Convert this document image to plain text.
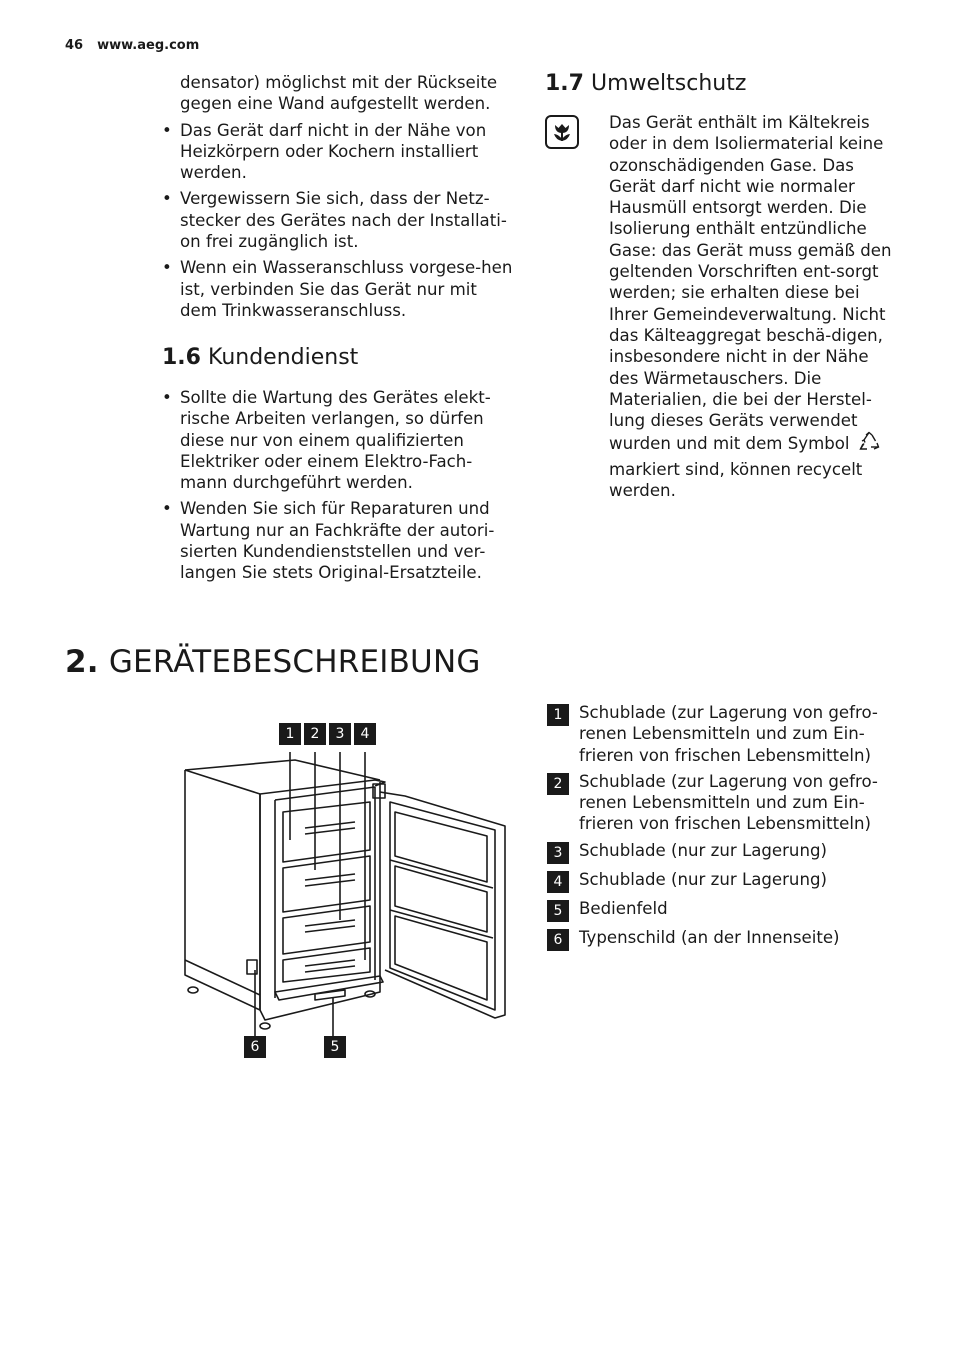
46 www.aeg.com

densator) möglichst mit der Rückseite gegen eine Wand aufgestellt werden.

• Das Gerät darf nicht in der Nähe von Heizkörpern oder Kochern installiert werden.
• Vergewissern Sie sich, dass der Netz-stecker des Gerätes nach der Installati-on frei zugänglich ist.
• Wenn ein Wasseranschluss vorgese-hen ist, verbinden Sie das Gerät nur mit dem Trinkwasseranschluss.
1.6 Kundendienst
• Sollte die Wartung des Gerätes elekt-rische Arbeiten verlangen, so dürfen diese nur von einem qualifizierten Elektriker oder einem Elektro-Fach-mann durchgeführt werden.
• Wenden Sie sich für Reparaturen und Wartung nur an Fachkräfte der autori-sierten Kundendienststellen und ver-langen Sie stets Original-Ersatzteile.
1.7 Umweltschutz
Das Gerät enthält im Kältekreis oder in dem Isoliermaterial keine ozonschädigenden Gase. Das Gerät darf nicht wie normaler Hausmüll entsorgt werden. Die Isolierung enthält entzündliche Gase: das Gerät muss gemäß den geltenden Vorschriften ent-sorgt werden; sie erhalten diese bei Ihrer Gemeindeverwaltung. Nicht das Kälteaggregat beschä-digen, insbesondere nicht in der Nähe des Wärmetauschers. Die Materialien, die bei der Herstel-lung dieses Geräts verwendet wurden und mit dem Symbol  markiert sind, können recycelt werden.
2. GERÄTEBESCHREIBUNG
1	2	3	4
5
6
1 Schublade (zur Lagerung von gefro-renen Lebensmitteln und zum Ein-frieren von frischen Lebensmitteln)
2 Schublade (zur Lagerung von gefro-renen Lebensmitteln und zum Ein-frieren von frischen Lebensmitteln)
3 Schublade (nur zur Lagerung)
4 Schublade (nur zur Lagerung)
5 Bedienfeld
6 Typenschild (an der Innenseite)
